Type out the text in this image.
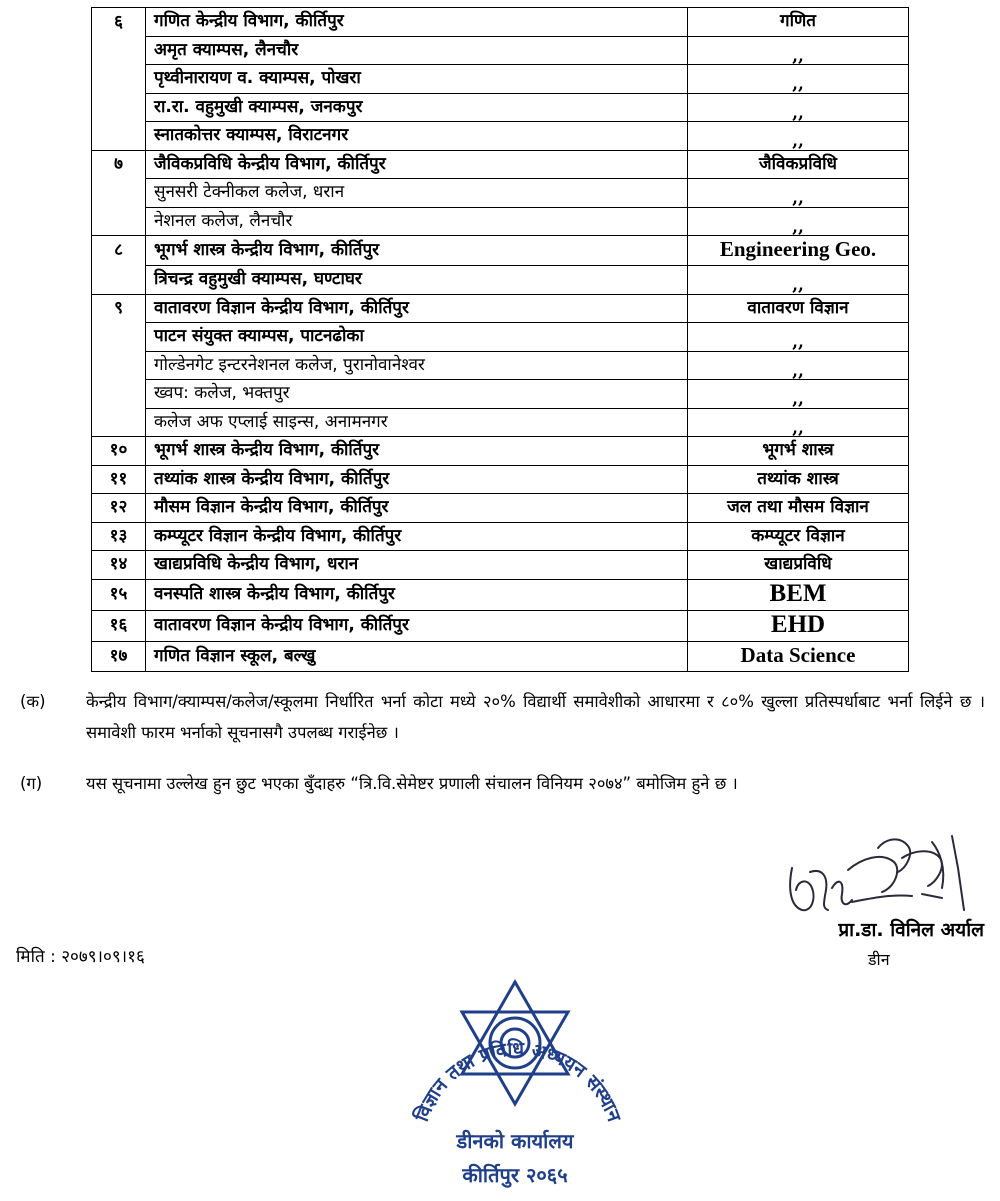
६	गणित केन्द्रीय विभाग, कीर्तिपुर	गणित
	अमृत क्याम्पस, लैनचौर	,,
	पृथ्वीनारायण व. क्याम्पस, पोखरा	,,
	रा.रा. वहुमुखी क्याम्पस, जनकपुर	,,
	स्नातकोत्तर क्याम्पस, विराटनगर	,,
७	जैविकप्रविधि केन्द्रीय विभाग, कीर्तिपुर	जैविकप्रविधि
	सुनसरी टेक्नीकल कलेज, धरान	,,
	नेशनल कलेज, लैनचौर	,,
८	भूगर्भ शास्त्र केन्द्रीय विभाग, कीर्तिपुर	Engineering Geo.
	त्रिचन्द्र वहुमुखी क्याम्पस, घण्टाघर	,,
९	वातावरण विज्ञान केन्द्रीय विभाग, कीर्तिपुर	वातावरण विज्ञान
	पाटन संयुक्त क्याम्पस, पाटनढोका	,,
	गोल्डेनगेट इन्टरनेशनल कलेज, पुरानोवानेश्वर	,,
	ख्वप: कलेज, भक्तपुर	,,
	कलेज अफ एप्लाई साइन्स, अनामनगर	,,
१०	भूगर्भ शास्त्र केन्द्रीय विभाग, कीर्तिपुर	भूगर्भ शास्त्र
११	तथ्यांक शास्त्र केन्द्रीय विभाग, कीर्तिपुर	तथ्यांक शास्त्र
१२	मौसम विज्ञान केन्द्रीय विभाग, कीर्तिपुर	जल तथा मौसम विज्ञान
१३	कम्प्यूटर विज्ञान केन्द्रीय विभाग, कीर्तिपुर	कम्प्यूटर विज्ञान
१४	खाद्यप्रविधि केन्द्रीय विभाग, धरान	खाद्यप्रविधि
१५	वनस्पति शास्त्र केन्द्रीय विभाग, कीर्तिपुर	BEM
१६	वातावरण विज्ञान केन्द्रीय विभाग, कीर्तिपुर	EHD
१७	गणित विज्ञान स्कूल, बल्खु	Data Science
(क)	केन्द्रीय विभाग/क्याम्पस/कलेज/स्कूलमा निर्धारित भर्ना कोटा मध्ये २०% विद्यार्थी समावेशीको आधारमा र ८०% खुल्ला प्रतिस्पर्धाबाट भर्ना लिईने छ । समावेशी फारम भर्नाको सूचनासगै उपलब्ध गराईनेछ ।
(ग)	यस सूचनामा उल्लेख हुन छुट भएका बुँदाहरु “त्रि.वि.सेमेष्टर प्रणाली संचालन विनियम २०७४” बमोजिम हुने छ ।
प्रा.डा. विनिल अर्याल
डीन
मिति : २०७९।०९।१६
विज्ञान तथा प्रविधि अध्ययन संस्थान
डीनको कार्यालय
कीर्तिपुर २०६५
